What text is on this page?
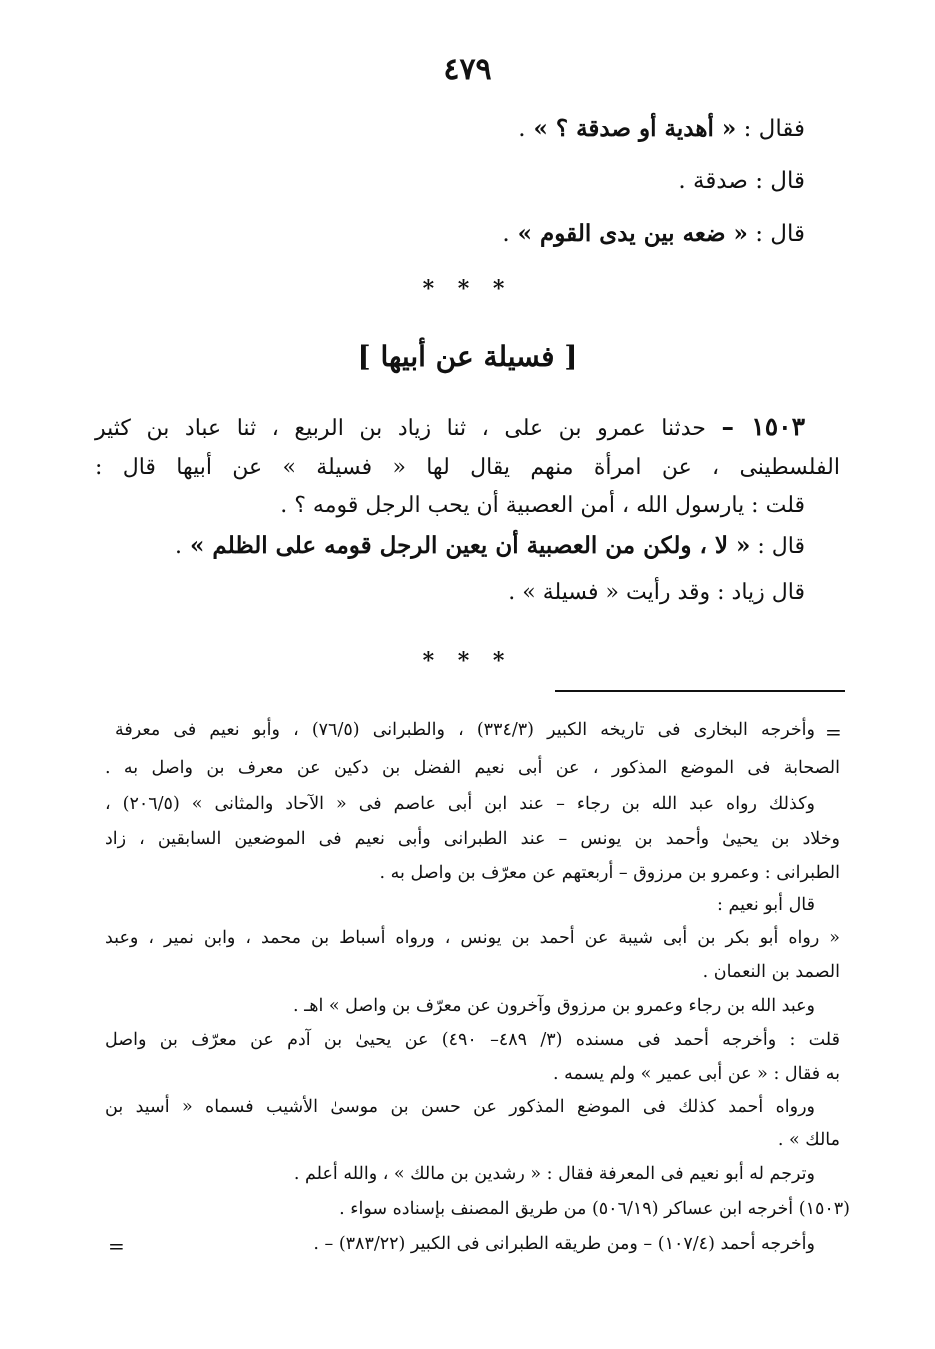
٤٧٩
فقال : « أهدية أو صدقة ؟ » .
قال : صدقة .
قال : « ضعه بين يدى القوم » .
* * *
[ فسيلة عن أبيها ]
١٥٠٣ – حدثنا عمرو بن على ، ثنا زياد بن الربيع ، ثنا عباد بن كثير
الفلسطينى ، عن امرأة منهم يقال لها « فسيلة » عن أبيها قال :
قلت : يارسول الله ، أمن العصبية أن يحب الرجل قومه ؟ .
قال : « لا ، ولكن من العصبية أن يعين الرجل قومه على الظلم » .
قال زياد : وقد رأيت « فسيلة » .
* * *
=
وأخرجه البخارى فى تاريخه الكبير (٣٣٤/٣) ، والطبرانى (٧٦/٥) ، وأبو نعيم فى معرفة
الصحابة فى الموضع المذكور ، عن أبى نعيم الفضل بن دكين عن معرف بن واصل به .
وكذلك رواه عبد الله بن رجاء – عند ابن أبى عاصم فى « الآحاد والمثانى » (٢٠٦/٥) ،
وخلاد بن يحيىٰ وأحمد بن يونس – عند الطبرانى وأبى نعيم فى الموضعين السابقين ، زاد
الطبرانى : وعمرو بن مرزوق – أربعتهم عن معرّف بن واصل به .
قال أبو نعيم :
« رواه أبو بكر بن أبى شيبة عن أحمد بن يونس ، ورواه أسباط بن محمد ، وابن نمير ، وعبد
الصمد بن النعمان .
وعبد الله بن رجاء وعمرو بن مرزوق وآخرون عن معرّف بن واصل » اهـ .
قلت : وأخرجه أحمد فى مسنده (٣/ ٤٨٩– ٤٩٠) عن يحيىٰ بن آدم عن معرّف بن واصل
به فقال : « عن أبى عمير » ولم يسمه .
ورواه أحمد كذلك فى الموضع المذكور عن حسن بن موسىٰ الأشيب فسماه « أسيد بن
مالك » .
وترجم له أبو نعيم فى المعرفة فقال : « رشدين بن مالك » ، والله أعلم .
(١٥٠٣) أخرجه ابن عساكر (٥٠٦/١٩) من طريق المصنف بإسناده سواء .
=	وأخرجه أحمد (١٠٧/٤) – ومن طريقه الطبرانى فى الكبير (٣٨٣/٢٢) – .
